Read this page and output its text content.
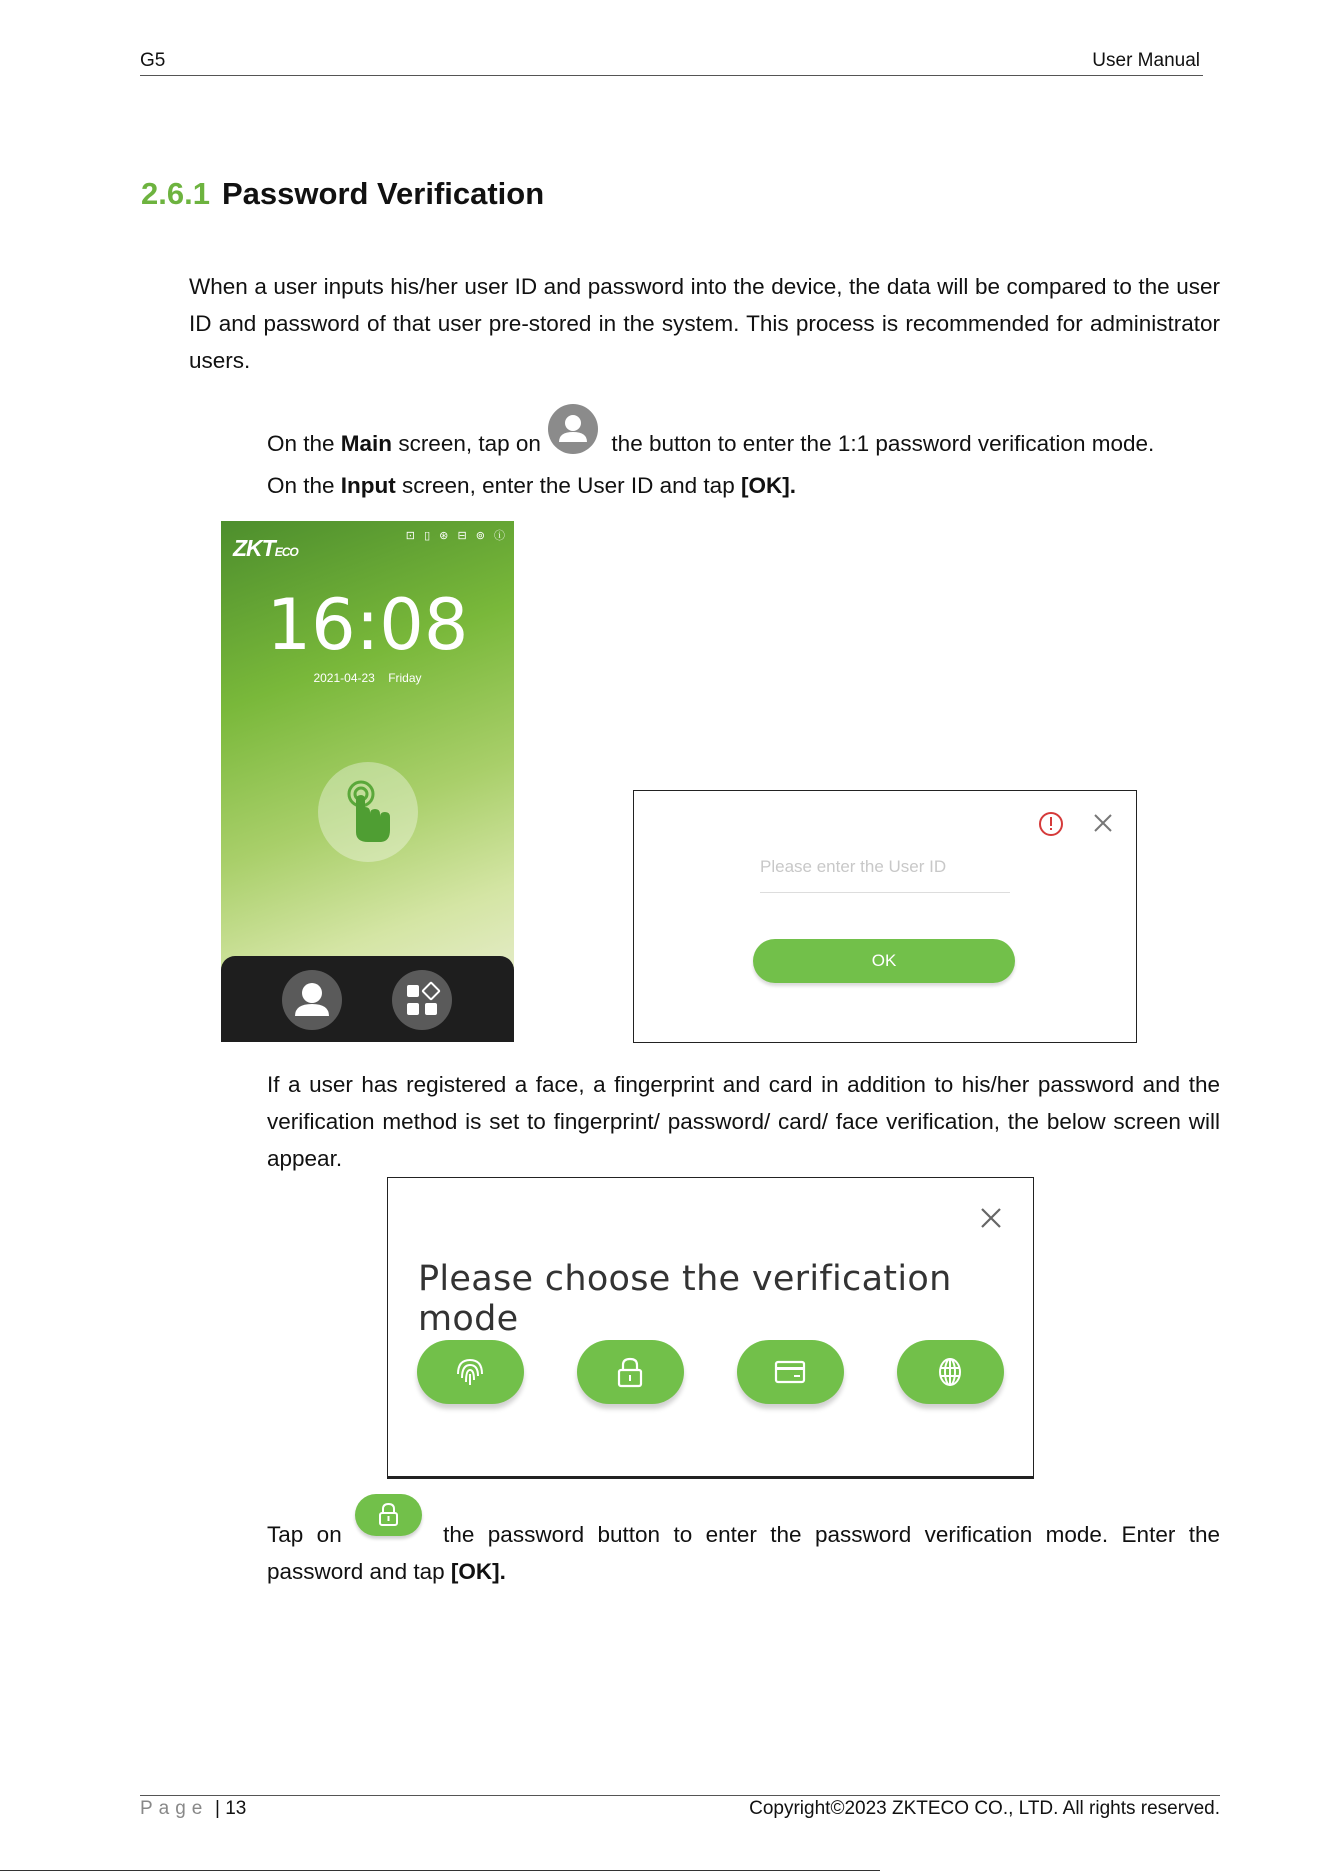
G5	User Manual
2.6.1 Password Verification
When a user inputs his/her user ID and password into the device, the data will be compared to the user ID and password of that user pre-stored in the system. This process is recommended for administrator users.
On the Main screen, tap on	the button to enter the 1:1 password verification mode.
On the Input screen, enter the User ID and tap [OK].
ZKTECO
⊡ ▯ ⊛ ⊟ ⊚ ⓘ
16:08
2021-04-23 Friday
Please enter the User ID
OK
If a user has registered a face, a fingerprint and card in addition to his/her password and the verification method is set to fingerprint/ password/ card/ face verification, the below screen will appear.
Please choose the verification mode
Tap on	the password button to enter the password verification mode. Enter the password and tap [OK].
Page | 13	Copyright©2023 ZKTECO CO., LTD. All rights reserved.
